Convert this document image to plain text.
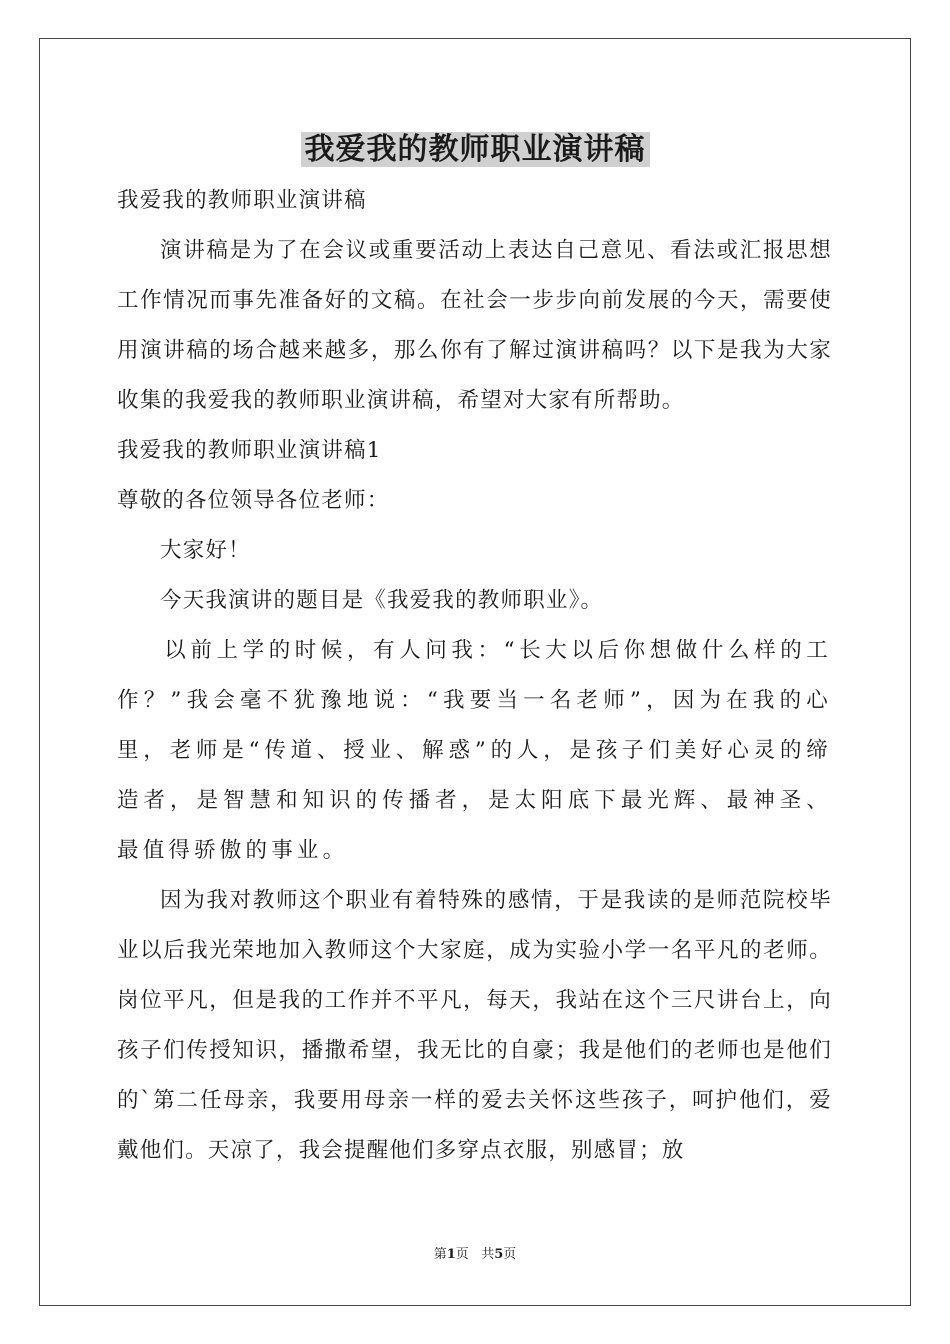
我爱我的教师职业演讲稿

我爱我的教师职业演讲稿

演讲稿是为了在会议或重要活动上表达自己意见、看法或汇报思想工作情况而事先准备好的文稿。在社会一步步向前发展的今天，需要使用演讲稿的场合越来越多，那么你有了解过演讲稿吗？以下是我为大家收集的我爱我的教师职业演讲稿，希望对大家有所帮助。

我爱我的教师职业演讲稿1

尊敬的各位领导各位老师：

大家好！

今天我演讲的题目是《我爱我的教师职业》。

以前上学的时候，有人问我：“长大以后你想做什么样的工作？”我会毫不犹豫地说：“我要当一名老师”，因为在我的心里，老师是“传道、授业、解惑”的人，是孩子们美好心灵的缔造者，是智慧和知识的传播者，是太阳底下最光辉、最神圣、最值得骄傲的事业。

因为我对教师这个职业有着特殊的感情，于是我读的是师范院校毕业以后我光荣地加入教师这个大家庭，成为实验小学一名平凡的老师。岗位平凡，但是我的工作并不平凡，每天，我站在这个三尺讲台上，向孩子们传授知识，播撒希望，我无比的自豪；我是他们的老师也是他们的`第二任母亲，我要用母亲一样的爱去关怀这些孩子，呵护他们，爱戴他们。天凉了，我会提醒他们多穿点衣服，别感冒；放

第1页 共5页
